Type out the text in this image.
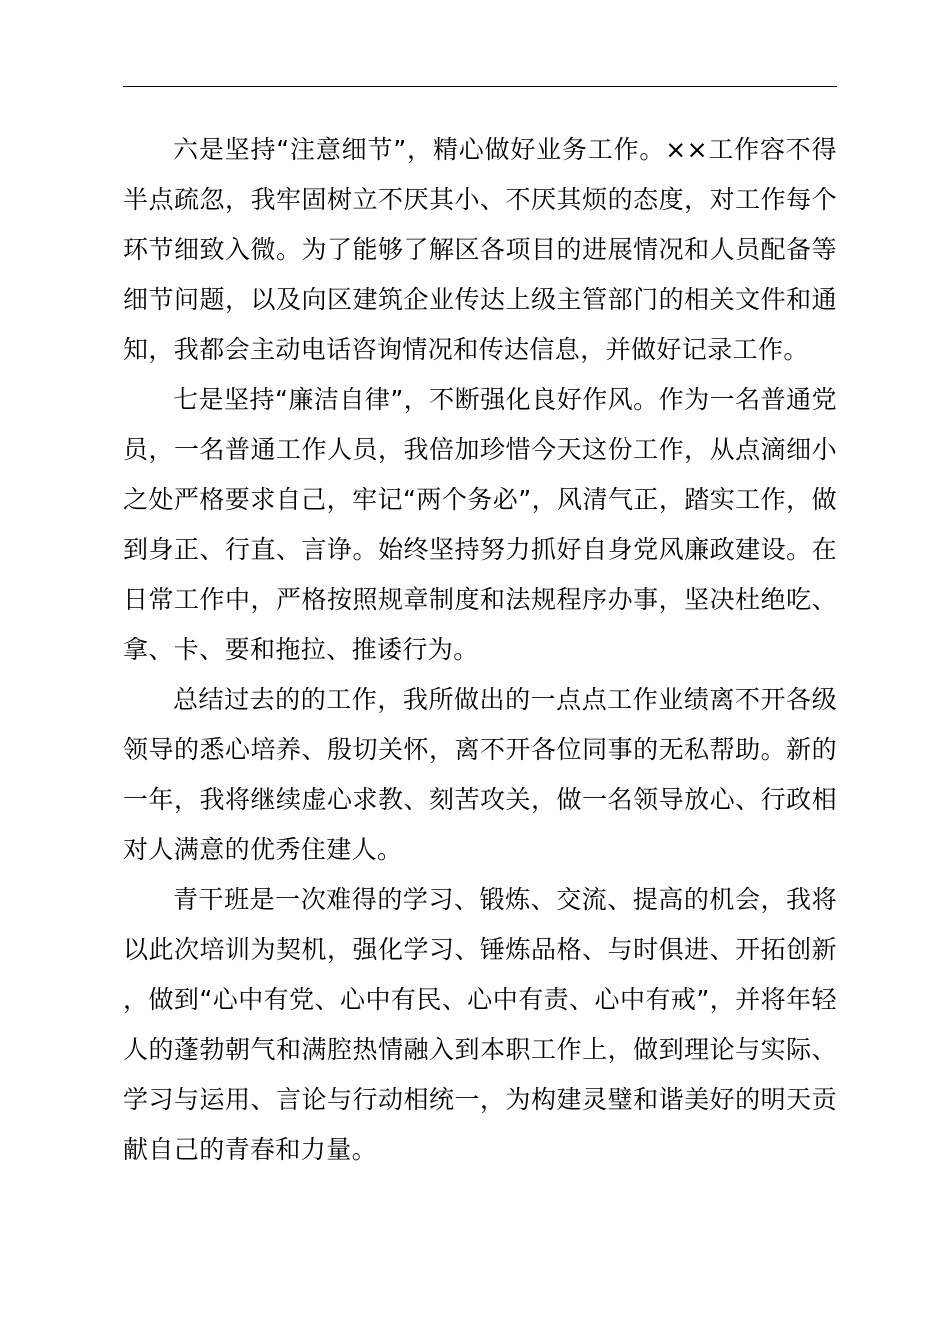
六是坚持“注意细节”，精心做好业务工作。××工作容不得半点疏忽，我牢固树立不厌其小、不厌其烦的态度，对工作每个环节细致入微。为了能够了解区各项目的进展情况和人员配备等细节问题，以及向区建筑企业传达上级主管部门的相关文件和通知，我都会主动电话咨询情况和传达信息，并做好记录工作。

七是坚持“廉洁自律”，不断强化良好作风。作为一名普通党员，一名普通工作人员，我倍加珍惜今天这份工作，从点滴细小之处严格要求自己，牢记“两个务必”，风清气正，踏实工作，做到身正、行直、言诤。始终坚持努力抓好自身党风廉政建设。在日常工作中，严格按照规章制度和法规程序办事，坚决杜绝吃、拿、卡、要和拖拉、推诿行为。

总结过去的的工作，我所做出的一点点工作业绩离不开各级领导的悉心培养、殷切关怀，离不开各位同事的无私帮助。新的一年，我将继续虚心求教、刻苦攻关，做一名领导放心、行政相对人满意的优秀住建人。

青干班是一次难得的学习、锻炼、交流、提高的机会，我将以此次培训为契机，强化学习、锤炼品格、与时俱进、开拓创新，做到“心中有党、心中有民、心中有责、心中有戒”，并将年轻人的蓬勃朝气和满腔热情融入到本职工作上，做到理论与实际、学习与运用、言论与行动相统一，为构建灵璧和谐美好的明天贡献自己的青春和力量。
